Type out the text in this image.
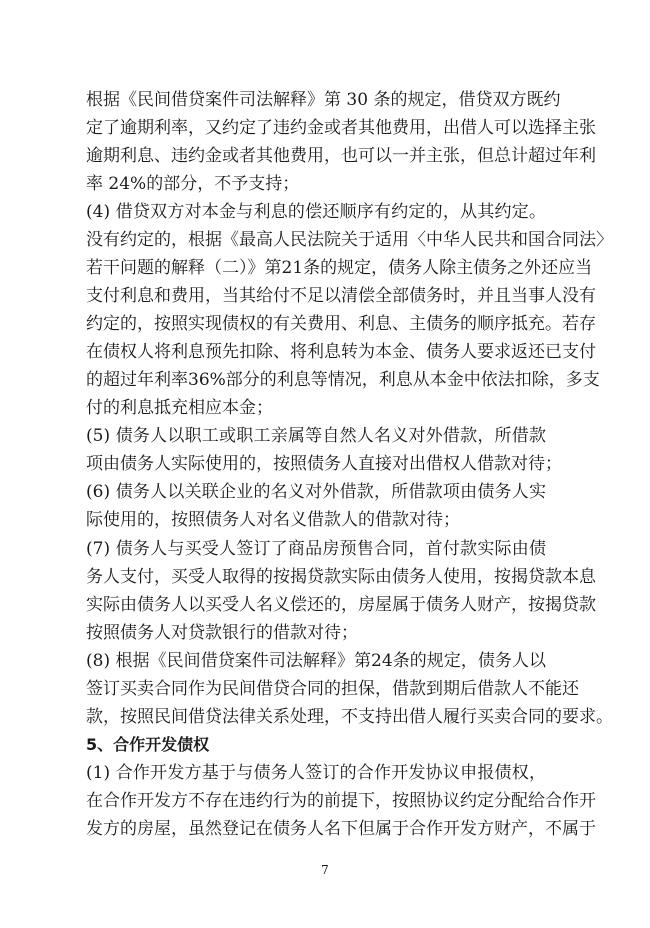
根据《民间借贷案件司法解释》第 30 条的规定，借贷双方既约
定了逾期利率，又约定了违约金或者其他费用，出借人可以选择主张
逾期利息、违约金或者其他费用，也可以一并主张，但总计超过年利
率 24%的部分，不予支持；
(4) 借贷双方对本金与利息的偿还顺序有约定的，从其约定。
没有约定的，根据《最高人民法院关于适用〈中华人民共和国合同法〉
若干问题的解释（二）》第21条的规定，债务人除主债务之外还应当
支付利息和费用，当其给付不足以清偿全部债务时，并且当事人没有
约定的，按照实现债权的有关费用、利息、主债务的顺序抵充。若存
在债权人将利息预先扣除、将利息转为本金、债务人要求返还已支付
的超过年利率36%部分的利息等情况，利息从本金中依法扣除，多支
付的利息抵充相应本金；
(5) 债务人以职工或职工亲属等自然人名义对外借款，所借款
项由债务人实际使用的，按照债务人直接对出借权人借款对待；
(6) 债务人以关联企业的名义对外借款，所借款项由债务人实
际使用的，按照债务人对名义借款人的借款对待；
(7) 债务人与买受人签订了商品房预售合同，首付款实际由债
务人支付，买受人取得的按揭贷款实际由债务人使用，按揭贷款本息
实际由债务人以买受人名义偿还的，房屋属于债务人财产，按揭贷款
按照债务人对贷款银行的借款对待；
(8) 根据《民间借贷案件司法解释》第24条的规定，债务人以
签订买卖合同作为民间借贷合同的担保，借款到期后借款人不能还
款，按照民间借贷法律关系处理，不支持出借人履行买卖合同的要求。
5、合作开发债权
(1) 合作开发方基于与债务人签订的合作开发协议申报债权，
在合作开发方不存在违约行为的前提下，按照协议约定分配给合作开
发方的房屋，虽然登记在债务人名下但属于合作开发方财产，不属于
7
